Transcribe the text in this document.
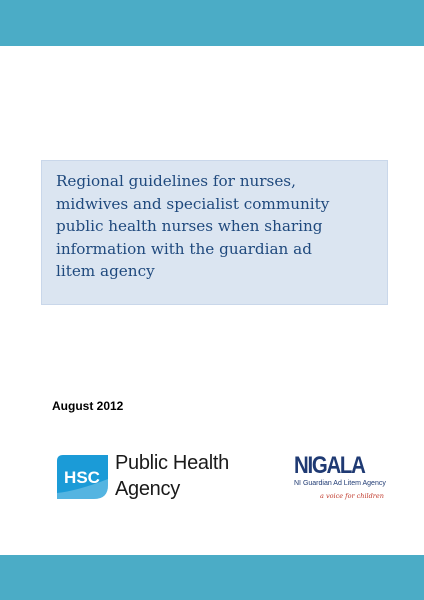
Regional guidelines for nurses,
midwives and specialist community
public health nurses when sharing
information with the guardian ad
litem agency
August 2012
HSC
Public Health
Agency
NIGALA
NI Guardian Ad Litem Agency
a voice for children
